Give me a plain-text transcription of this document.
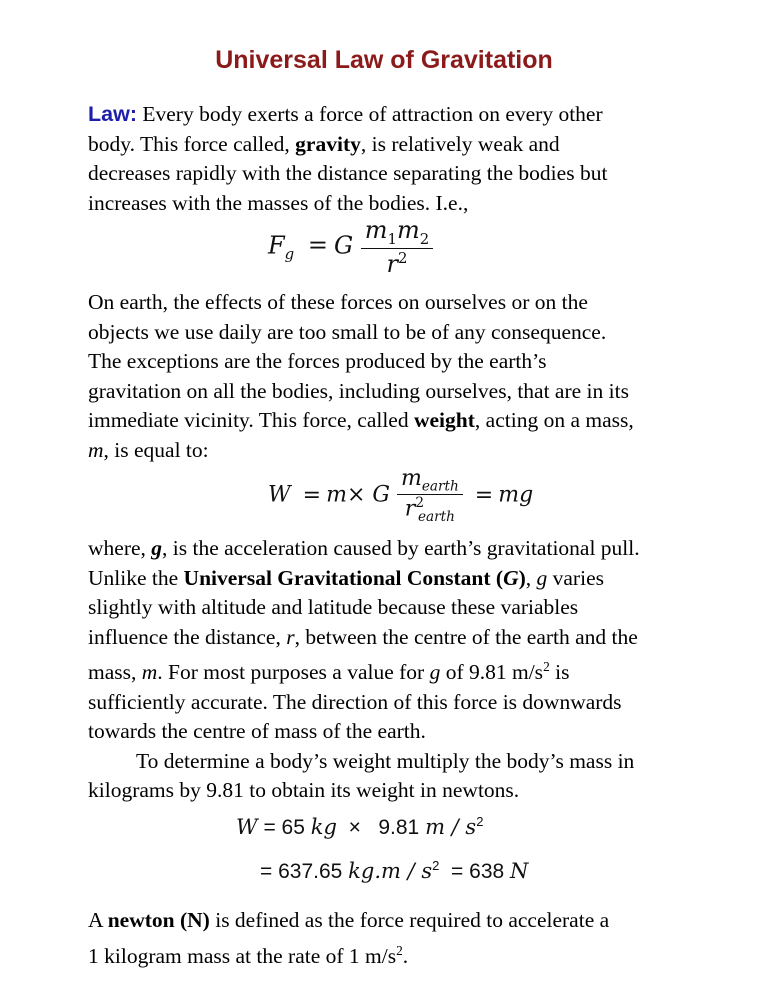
Universal Law of Gravitation

Law: Every body exerts a force of attraction on every other
body. This force called, gravity, is relatively weak and
decreases rapidly with the distance separating the bodies but
increases with the masses of the bodies. I.e.,

$F_g = G \frac{m_1m_2}{r^2}$

On earth, the effects of these forces on ourselves or on the
objects we use daily are too small to be of any consequence.
The exceptions are the forces produced by the earth’s
gravitation on all the bodies, including ourselves, that are in its
immediate vicinity. This force, called weight, acting on a mass,
m, is equal to:

W = m× G $\frac{m_{earth}}{r^2_{earth}}$ = mg

where, g, is the acceleration caused by earth’s gravitational pull.
Unlike the Universal Gravitational Constant (G), g varies
slightly with altitude and latitude because these variables
influence the distance, r, between the centre of the earth and the
mass, m. For most purposes a value for g of 9.81 $m/s^2$ is
sufficiently accurate. The direction of this force is downwards
towards the centre of mass of the earth.
To determine a body’s weight multiply the body’s mass in
kilograms by 9.81 to obtain its weight in newtons.

W = 65 kg  ×   9.81 m / $s^2$
= 637.65 $kg.m / s^2 = 638$ N

A newton (N) is defined as the force required to accelerate a
1 kilogram mass at the rate of 1 $m/s^2$.
